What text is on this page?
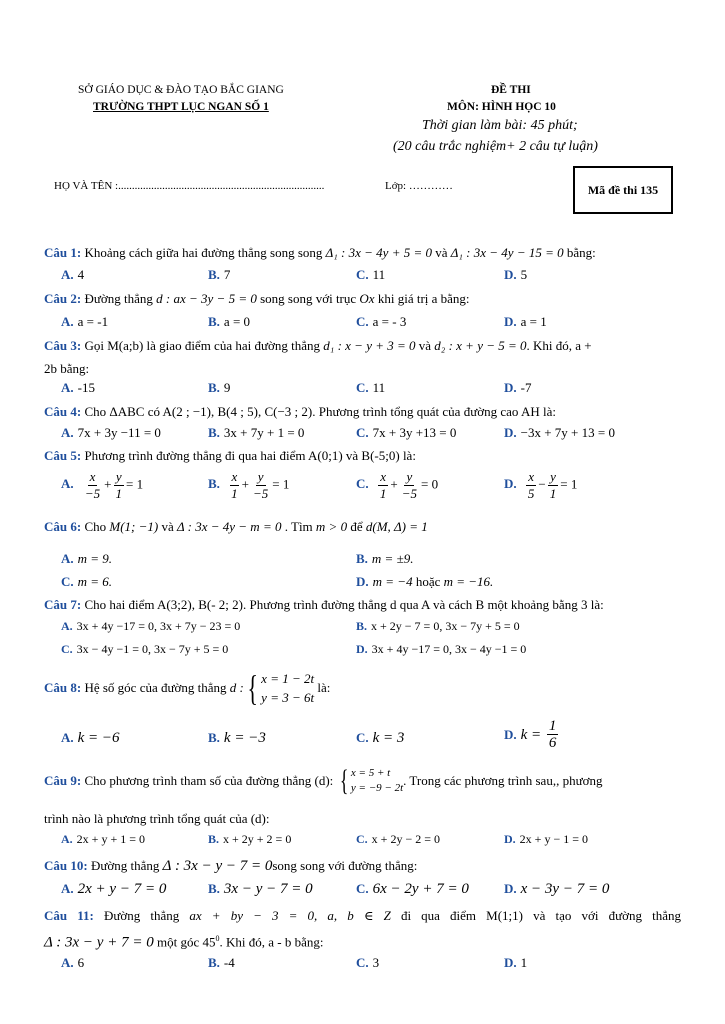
SỞ GIÁO DỤC & ĐÀO TẠO BẮC GIANG
TRƯỜNG THPT LỤC NGAN SỐ 1
ĐỀ THI
MÔN: HÌNH HỌC 10
Thời gian làm bài: 45 phút;
(20 câu trắc nghiệm+ 2 câu tự luận)
HỌ VÀ TÊN :...........................................................................	Lớp: …………	Mã đề thi 135
Câu 1: Khoảng cách giữa hai đường thẳng song song Δ₁ : 3x − 4y + 5 = 0 và Δ₁ : 3x − 4y − 15 = 0 bằng:
A. 4	B. 7	C. 11	D. 5
Câu 2: Đường thẳng d : ax − 3y − 5 = 0 song song với trục Ox khi giá trị a bằng:
A. a = -1	B. a = 0	C. a = - 3	D. a = 1
Câu 3: Gọi M(a;b) là giao điểm của hai đường thẳng d₁ : x − y + 3 = 0 và d₂ : x + y − 5 = 0. Khi đó, a +
2b bằng:
A. -15	B. 9	C. 11	D. -7
Câu 4: Cho ΔABC có A(2 ; −1), B(4 ; 5), C(−3 ; 2). Phương trình tổng quát của đường cao AH là:
A. 7x + 3y −11 = 0	B. 3x + 7y + 1 = 0	C. 7x + 3y +13 = 0	D. −3x + 7y + 13 = 0
Câu 5: Phương trình đường thẳng đi qua hai điểm A(0;1) và B(-5;0) là:
A. $\frac{x}{-5} + \frac{y}{1} = 1$	B. $\frac{x}{1} + \frac{y}{-5} = 1$	C. $\frac{x}{1} + \frac{y}{-5} = 0$	D. $\frac{x}{5} - \frac{y}{1} = 1$
Câu 6: Cho M(1; −1) và Δ : 3x − 4y − m = 0 . Tìm m > 0 để d(M, Δ) = 1
A. m = 9.	B. m = ±9.
C. m = 6.	D. m = −4 hoặc m = −16.
Câu 7: Cho hai điểm A(3;2), B(- 2; 2). Phương trình đường thẳng d qua A và cách B một khoảng bằng 3 là:
A. 3x + 4y −17 = 0, 3x + 7y − 23 = 0	B. x + 2y − 7 = 0, 3x − 7y + 5 = 0
C. 3x − 4y −1 = 0, 3x − 7y + 5 = 0	D. 3x + 4y −17 = 0, 3x − 4y −1 = 0
Câu 8:
Hệ số góc của đường thẳng
d : { x = 1 − 2t
y = 3 − 6t

là:
A. k = −6	B. k = −3	C. k = 3	D. k =
$\frac{1}{6}$
Câu 9:
Cho phương trình tham số của đường thẳng (d):
{ x = 5 + t
y = −9 − 2t . Trong các phương trình sau,, phương
trình nào là phương trình tổng quát của (d):
A. 2x + y + 1 = 0	B. x + 2y + 2 = 0	C. x + 2y − 2 = 0	D. 2x + y − 1 = 0
Câu 10: Đường thẳng Δ : 3x − y − 7 = 0song song với đường thẳng:
A. 2x + y − 7 = 0	B. 3x − y − 7 = 0	C. 6x − 2y + 7 = 0	D. x − 3y − 7 = 0
Câu 11: Đường thẳng ax + by − 3 = 0, a, b ∈ Z đi qua điểm M(1;1) và tạo với đường thẳng
Δ : 3x − y + 7 = 0 một góc $45^0$. Khi đó, a - b bằng:
A. 6	B. -4	C. 3	D. 1
